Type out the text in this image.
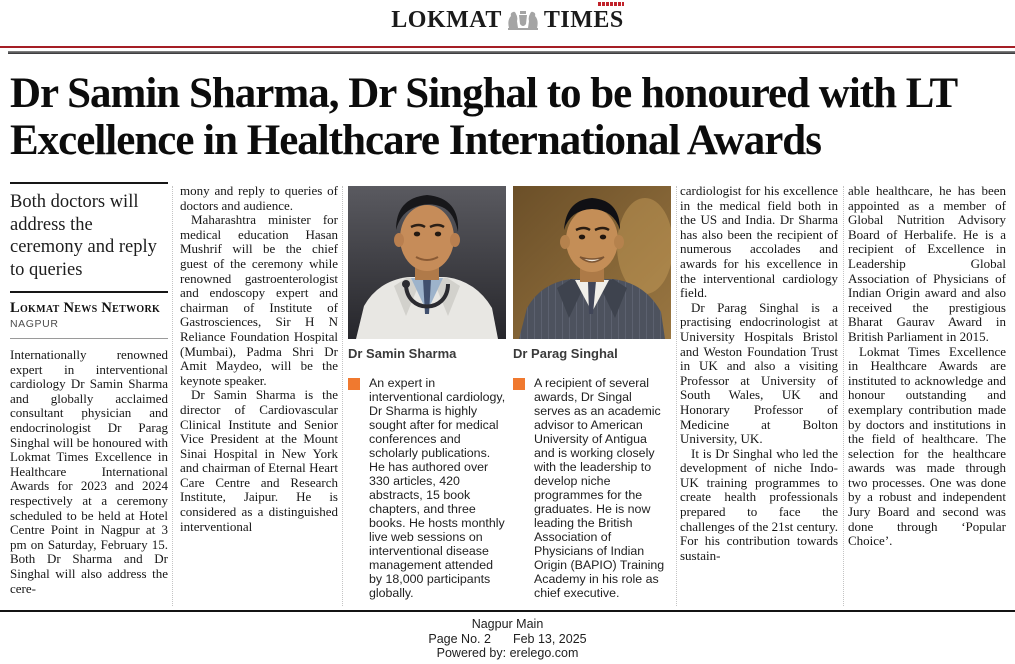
LOKMAT TIMES
Dr Samin Sharma, Dr Singhal to be honoured with LT Excellence in Healthcare International Awards
Both doctors will address the ceremony and reply to queries
Lokmat News Network
NAGPUR

Internationally renowned expert in interventional cardiology Dr Samin Sharma and globally acclaimed consultant physician and endocrinologist Dr Parag Singhal will be honoured with Lokmat Times Excellence in Healthcare International Awards for 2023 and 2024 respectively at a ceremony scheduled to be held at Hotel Centre Point in Nagpur at 3 pm on Saturday, February 15. Both Dr Sharma and Dr Singhal will also address the cere-

mony and reply to queries of doctors and audience.

Maharashtra minister for medical education Hasan Mushrif will be the chief guest of the ceremony while renowned gastroenterologist and endoscopy expert and chairman of Institute of Gastrosciences, Sir H N Reliance Foundation Hospital (Mumbai), Padma Shri Dr Amit Maydeo, will be the keynote speaker.

Dr Samin Sharma is the director of Cardiovascular Clinical Institute and Senior Vice President at the Mount Sinai Hospital in New York and chairman of Eternal Heart Care Centre and Research Institute, Jaipur. He is considered as a distinguished interventional

Dr Samin Sharma
An expert in interventional cardiology, Dr Sharma is highly sought after for medical conferences and scholarly publications. He has authored over 330 articles, 420 abstracts, 15 book chapters, and three books. He hosts monthly live web sessions on interventional disease management attended by 18,000 participants globally.
Dr Parag Singhal
A recipient of several awards, Dr Singal serves as an academic advisor to American University of Antigua and is working closely with the leadership to develop niche programmes for the graduates. He is now leading the British Association of Physicians of Indian Origin (BAPIO) Training Academy in his role as chief executive.

cardiologist for his excellence in the medical field both in the US and India. Dr Sharma has also been the recipient of numerous accolades and awards for his excellence in the interventional cardiology field.

Dr Parag Singhal is a practising endocrinologist at University Hospitals Bristol and Weston Foundation Trust in UK and also a visiting Professor at University of South Wales, UK and Honorary Professor of Medicine at Bolton University, UK.

It is Dr Singhal who led the development of niche Indo-UK training programmes to create health professionals prepared to face the challenges of the 21st century. For his contribution towards sustain-

able healthcare, he has been appointed as a member of Global Nutrition Advisory Board of Herbalife. He is a recipient of Excellence in Leadership Global Association of Physicians of Indian Origin award and also received the prestigious Bharat Gaurav Award in British Parliament in 2015.

Lokmat Times Excellence in Healthcare Awards are instituted to acknowledge and honour outstanding and exemplary contribution made by doctors and institutions in the field of healthcare. The selection for the healthcare awards was made through two processes. One was done by a robust and independent Jury Board and second was done through ‘Popular Choice’.

Nagpur Main
Page No. 2 Feb 13, 2025
Powered by: erelego.com
